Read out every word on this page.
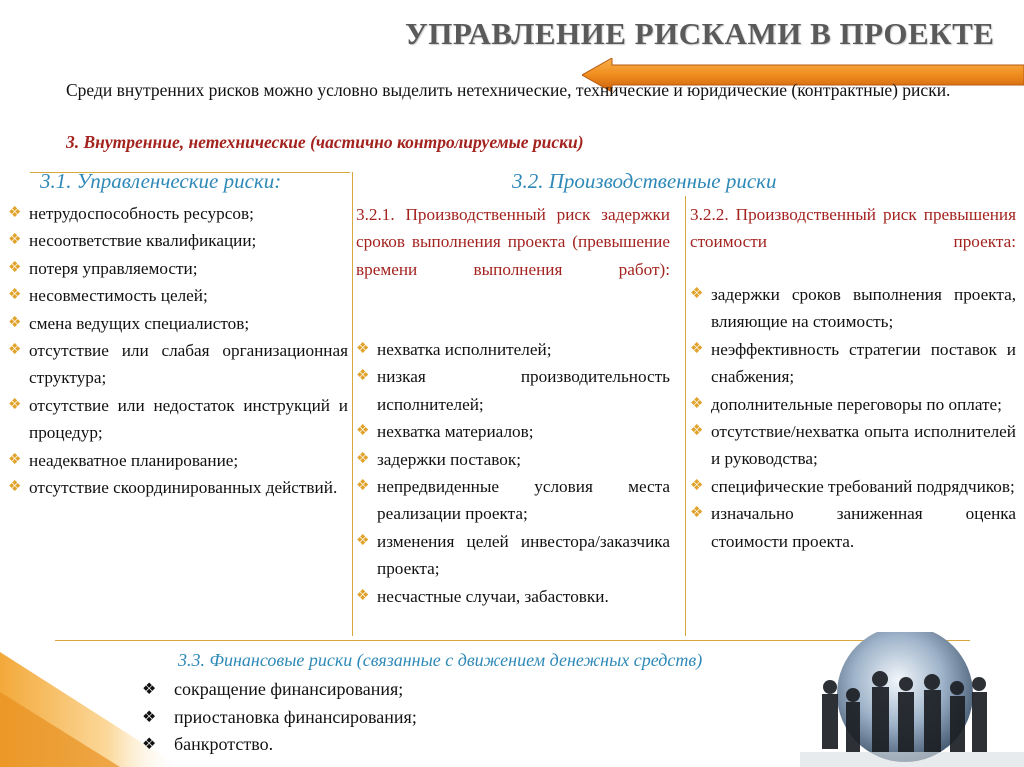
УПРАВЛЕНИЕ РИСКАМИ В ПРОЕКТЕ
Среди внутренних рисков можно условно выделить нетехнические, технические и юридические (контрактные) риски.
3. Внутренние, нетехнические (частично контролируемые риски)
3.1. Управленческие риски:
❖ нетрудоспособность ресурсов;
❖ несоответствие квалификации;
❖ потеря управляемости;
❖ несовместимость целей;
❖ смена ведущих специалистов;
❖ отсутствие или слабая организационная структура;
❖ отсутствие или недостаток инструкций и процедур;
❖ неадекватное планирование;
❖ отсутствие скоординированных действий.
3.2. Производственные риски
3.2.1. Производственный риск задержки сроков выполнения проекта (превышение времени выполнения работ):
❖ нехватка исполнителей;
❖ низкая производительность исполнителей;
❖ нехватка материалов;
❖ задержки поставок;
❖ непредвиденные условия места реализации проекта;
❖ изменения целей инвестора/заказчика проекта;
❖ несчастные случаи, забастовки.
3.2.2. Производственный риск превышения стоимости проекта:
❖ задержки сроков выполнения проекта, влияющие на стоимость;
❖ неэффективность стратегии поставок и снабжения;
❖ дополнительные переговоры по оплате;
❖ отсутствие/нехватка опыта исполнителей и руководства;
❖ специфические требований подрядчиков;
❖ изначально заниженная оценка стоимости проекта.
3.3. Финансовые риски (связанные с движением денежных средств)
❖ сокращение финансирования;
❖ приостановка финансирования;
❖ банкротство.
